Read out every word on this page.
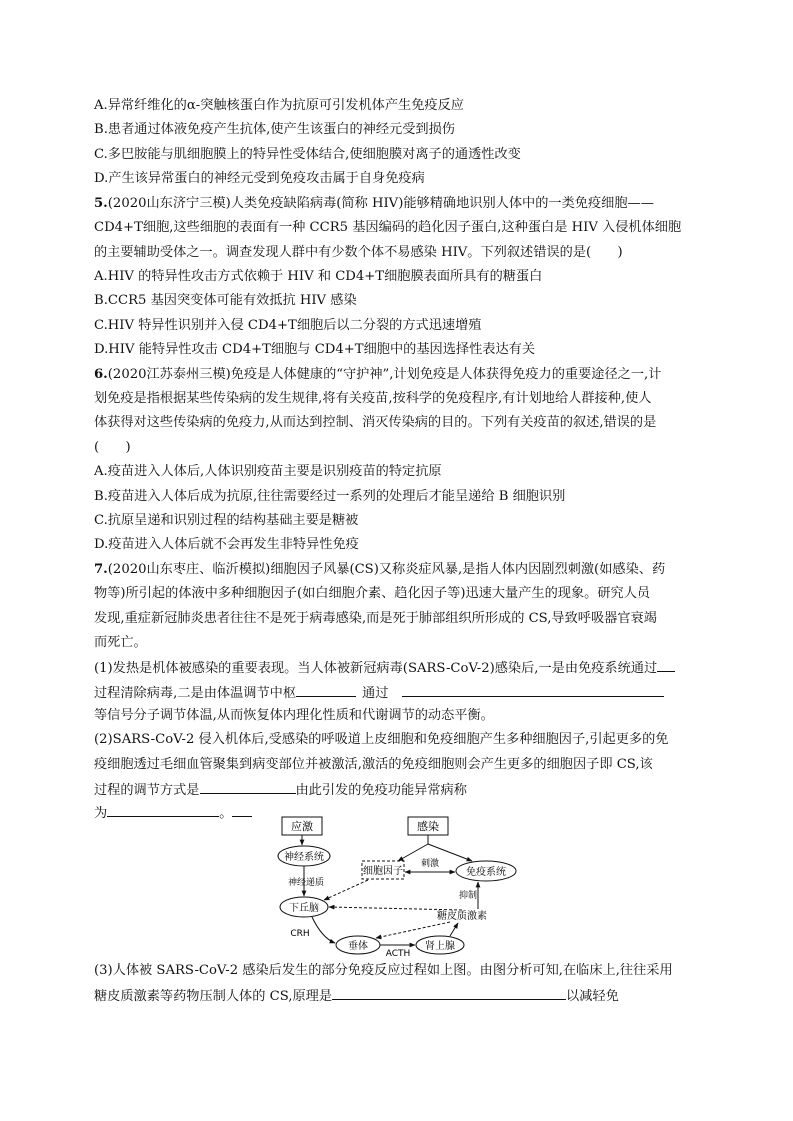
A.异常纤维化的α-突触核蛋白作为抗原可引发机体产生免疫反应
B.患者通过体液免疫产生抗体,使产生该蛋白的神经元受到损伤
C.多巴胺能与肌细胞膜上的特异性受体结合,使细胞膜对离子的通透性改变
D.产生该异常蛋白的神经元受到免疫攻击属于自身免疫病
5.(2020山东济宁三模)人类免疫缺陷病毒(简称 HIV)能够精确地识别人体中的一类免疫细胞——
CD4+T细胞,这些细胞的表面有一种 CCR5 基因编码的趋化因子蛋白,这种蛋白是 HIV 入侵机体细胞
的主要辅助受体之一。调查发现人群中有少数个体不易感染 HIV。下列叙述错误的是(　　)
A.HIV 的特异性攻击方式依赖于 HIV 和 CD4+T细胞膜表面所具有的糖蛋白
B.CCR5 基因突变体可能有效抵抗 HIV 感染
C.HIV 特异性识别并入侵 CD4+T细胞后以二分裂的方式迅速增殖
D.HIV 能特异性攻击 CD4+T细胞与 CD4+T细胞中的基因选择性表达有关
6.(2020江苏泰州三模)免疫是人体健康的“守护神”,计划免疫是人体获得免疫力的重要途径之一,计
划免疫是指根据某些传染病的发生规律,将有关疫苗,按科学的免疫程序,有计划地给人群接种,使人
体获得对这些传染病的免疫力,从而达到控制、消灭传染病的目的。下列有关疫苗的叙述,错误的是
(　　)
A.疫苗进入人体后,人体识别疫苗主要是识别疫苗的特定抗原
B.疫苗进入人体后成为抗原,往往需要经过一系列的处理后才能呈递给 B 细胞识别
C.抗原呈递和识别过程的结构基础主要是糖被
D.疫苗进入人体后就不会再发生非特异性免疫
7.(2020山东枣庄、临沂模拟)细胞因子风暴(CS)又称炎症风暴,是指人体内因剧烈刺激(如感染、药
物等)所引起的体液中多种细胞因子(如白细胞介素、趋化因子等)迅速大量产生的现象。研究人员
发现,重症新冠肺炎患者往往不是死于病毒感染,而是死于肺部组织所形成的 CS,导致呼吸器官衰竭
而死亡。
(1)发热是机体被感染的重要表现。当人体被新冠病毒(SARS-CoV-2)感染后,一是由免疫系统通过
过程清除病毒,二是由体温调节中枢	通过
等信号分子调节体温,从而恢复体内理化性质和代谢调节的动态平衡。
(2)SARS-CoV-2 侵入机体后,受感染的呼吸道上皮细胞和免疫细胞产生多种细胞因子,引起更多的免
疫细胞透过毛细血管聚集到病变部位并被激活,激活的免疫细胞则会产生更多的细胞因子即 CS,该
过程的调节方式是	由此引发的免疫功能异常病称
为	。
应激	感染
神经系统
细胞因子	免疫系统
下丘脑
垂体	肾上腺
糖皮质激素
刺激
神经递质
抑制
CRH
ACTH
(3)人体被 SARS-CoV-2 感染后发生的部分免疫反应过程如上图。由图分析可知,在临床上,往往采用
糖皮质激素等药物压制人体的 CS,原理是	以减轻免
